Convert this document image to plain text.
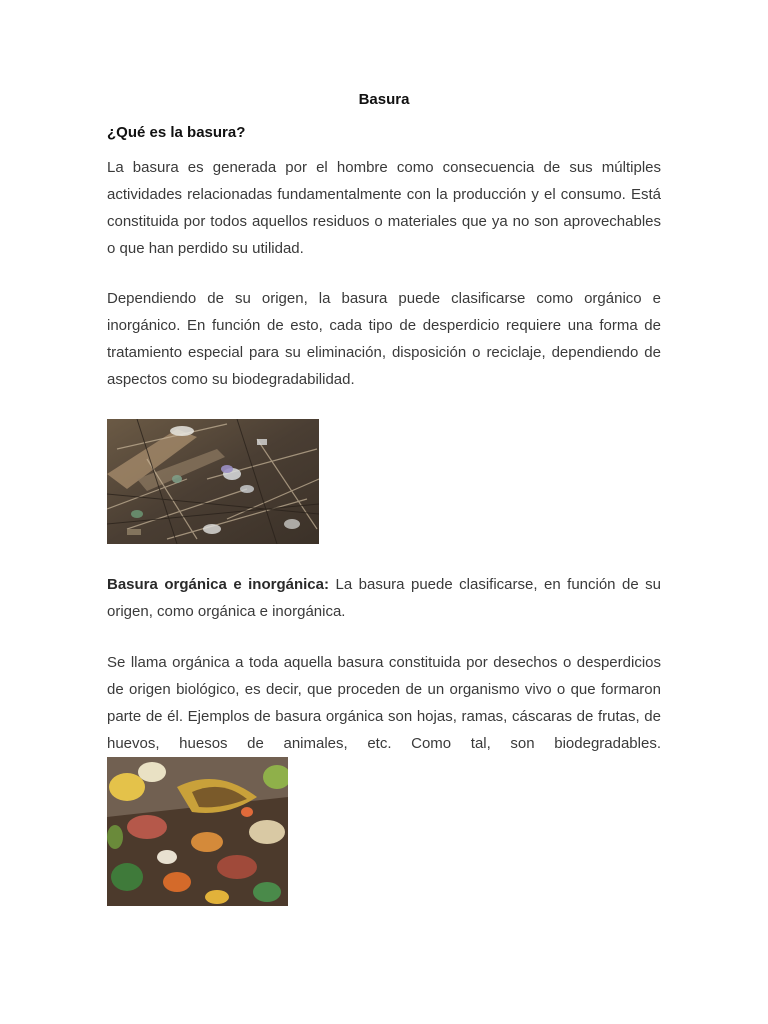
Basura
¿Qué es la basura?

La basura es generada por el hombre como consecuencia de sus múltiples actividades relacionadas fundamentalmente con la producción y el consumo. Está constituida por todos aquellos residuos o materiales que ya no son aprovechables o que han perdido su utilidad.

Dependiendo de su origen, la basura puede clasificarse como orgánico e inorgánico. En función de esto, cada tipo de desperdicio requiere una forma de tratamiento especial para su eliminación, disposición o reciclaje, dependiendo de aspectos como su biodegradabilidad.

Basura orgánica e inorgánica: La basura puede clasificarse, en función de su origen, como orgánica e inorgánica.

Se llama orgánica a toda aquella basura constituida por desechos o desperdicios de origen biológico, es decir, que proceden de un organismo vivo o que formaron parte de él. Ejemplos de basura orgánica son hojas, ramas, cáscaras de frutas, de huevos, huesos de animales, etc. Como tal, son biodegradables.
